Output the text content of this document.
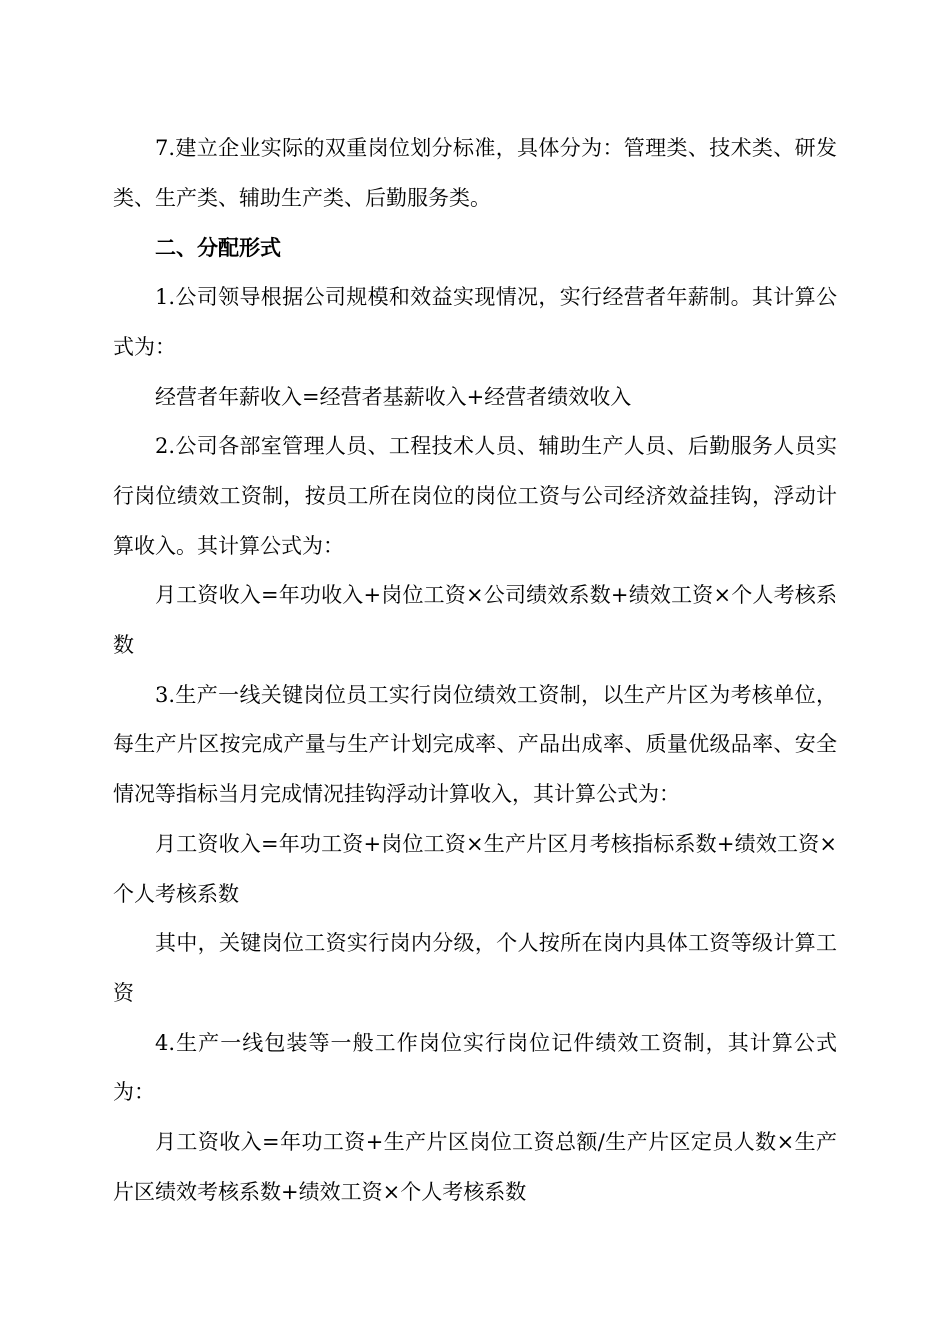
7.建立企业实际的双重岗位划分标准，具体分为：管理类、技术类、研发类、生产类、辅助生产类、后勤服务类。

二、分配形式

1.公司领导根据公司规模和效益实现情况，实行经营者年薪制。其计算公式为：

经营者年薪收入=经营者基薪收入+经营者绩效收入

2.公司各部室管理人员、工程技术人员、辅助生产人员、后勤服务人员实行岗位绩效工资制，按员工所在岗位的岗位工资与公司经济效益挂钩，浮动计算收入。其计算公式为：

月工资收入=年功收入+岗位工资×公司绩效系数+绩效工资×个人考核系数

3.生产一线关键岗位员工实行岗位绩效工资制，以生产片区为考核单位，每生产片区按完成产量与生产计划完成率、产品出成率、质量优级品率、安全情况等指标当月完成情况挂钩浮动计算收入，其计算公式为：

月工资收入=年功工资+岗位工资×生产片区月考核指标系数+绩效工资×个人考核系数

其中，关键岗位工资实行岗内分级，个人按所在岗内具体工资等级计算工资

4.生产一线包装等一般工作岗位实行岗位记件绩效工资制，其计算公式为：

月工资收入=年功工资+生产片区岗位工资总额/生产片区定员人数×生产片区绩效考核系数+绩效工资×个人考核系数
